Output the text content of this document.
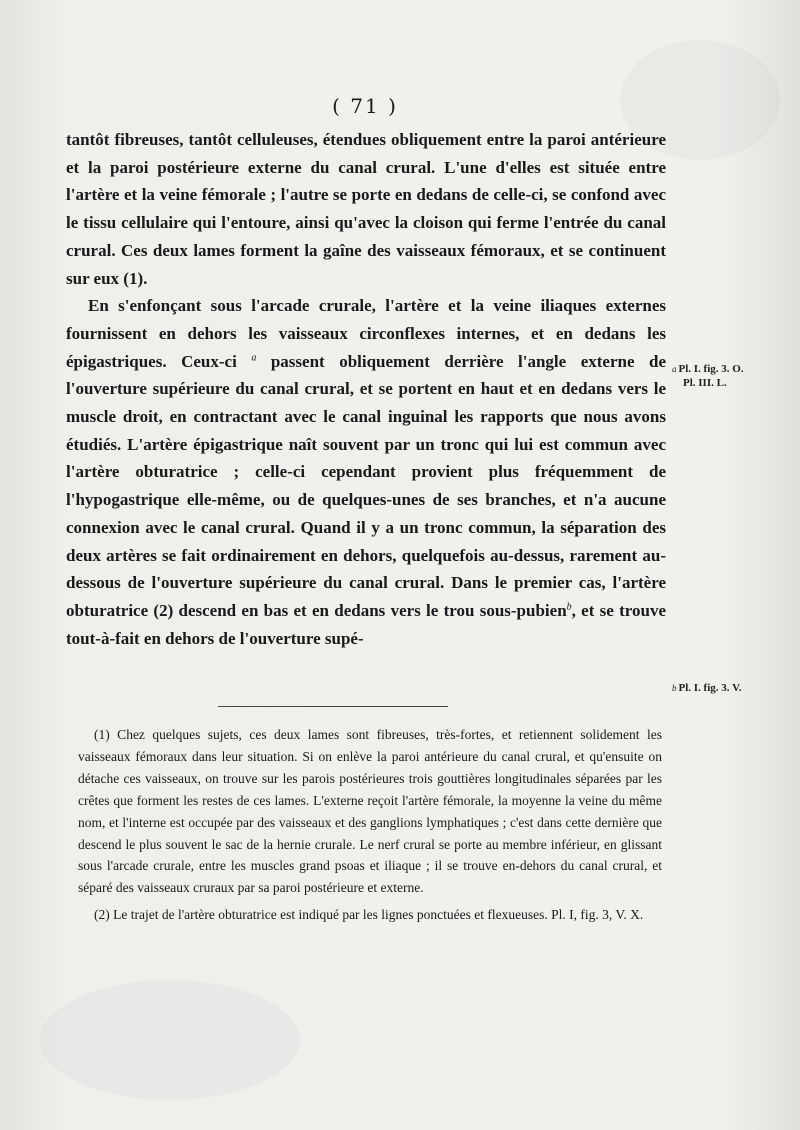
( 71 )

tantôt fibreuses, tantôt celluleuses, étendues obliquement entre la paroi antérieure et la paroi postérieure externe du canal crural. L'une d'elles est située entre l'artère et la veine fémorale ; l'autre se porte en dedans de celle-ci, se confond avec le tissu cellulaire qui l'entoure, ainsi qu'avec la cloison qui ferme l'entrée du canal crural. Ces deux lames forment la gaîne des vaisseaux fémoraux, et se continuent sur eux (1).

En s'enfonçant sous l'arcade crurale, l'artère et la veine iliaques externes fournissent en dehors les vaisseaux circonflexes internes, et en dedans les épigastriques. Ceux-ci $^a$ passent obliquement derrière l'angle externe de l'ouverture supérieure du canal crural, et se portent en haut et en dedans vers le muscle droit, en contractant avec le canal inguinal les rapports que nous avons étudiés. L'artère épigastrique naît souvent par un tronc qui lui est commun avec l'artère obturatrice ; celle-ci cependant provient plus fréquemment de l'hypogastrique elle-même, ou de quelques-unes de ses branches, et n'a aucune connexion avec le canal crural. Quand il y a un tronc commun, la séparation des deux artères se fait ordinairement en dehors, quelquefois au-dessus, rarement au-dessous de l'ouverture supérieure du canal crural. Dans le premier cas, l'artère obturatrice (2) descend en bas et en dedans vers le trou sous-pubien$^b$, et se trouve tout-à-fait en dehors de l'ouverture supé-

a Pl. I. fig. 3. O.
Pl. III. L.
b Pl. I. fig. 3. V.

(1) Chez quelques sujets, ces deux lames sont fibreuses, très-fortes, et retiennent solidement les vaisseaux fémoraux dans leur situation. Si on enlève la paroi antérieure du canal crural, et qu'ensuite on détache ces vaisseaux, on trouve sur les parois postérieures trois gouttières longitudinales séparées par les crêtes que forment les restes de ces lames. L'externe reçoit l'artère fémorale, la moyenne la veine du même nom, et l'interne est occupée par des vaisseaux et des ganglions lymphatiques ; c'est dans cette dernière que descend le plus souvent le sac de la hernie crurale. Le nerf crural se porte au membre inférieur, en glissant sous l'arcade crurale, entre les muscles grand psoas et iliaque ; il se trouve en-dehors du canal crural, et séparé des vaisseaux cruraux par sa paroi postérieure et externe.

(2) Le trajet de l'artère obturatrice est indiqué par les lignes ponctuées et flexueuses. Pl. I, fig. 3, V. X.
